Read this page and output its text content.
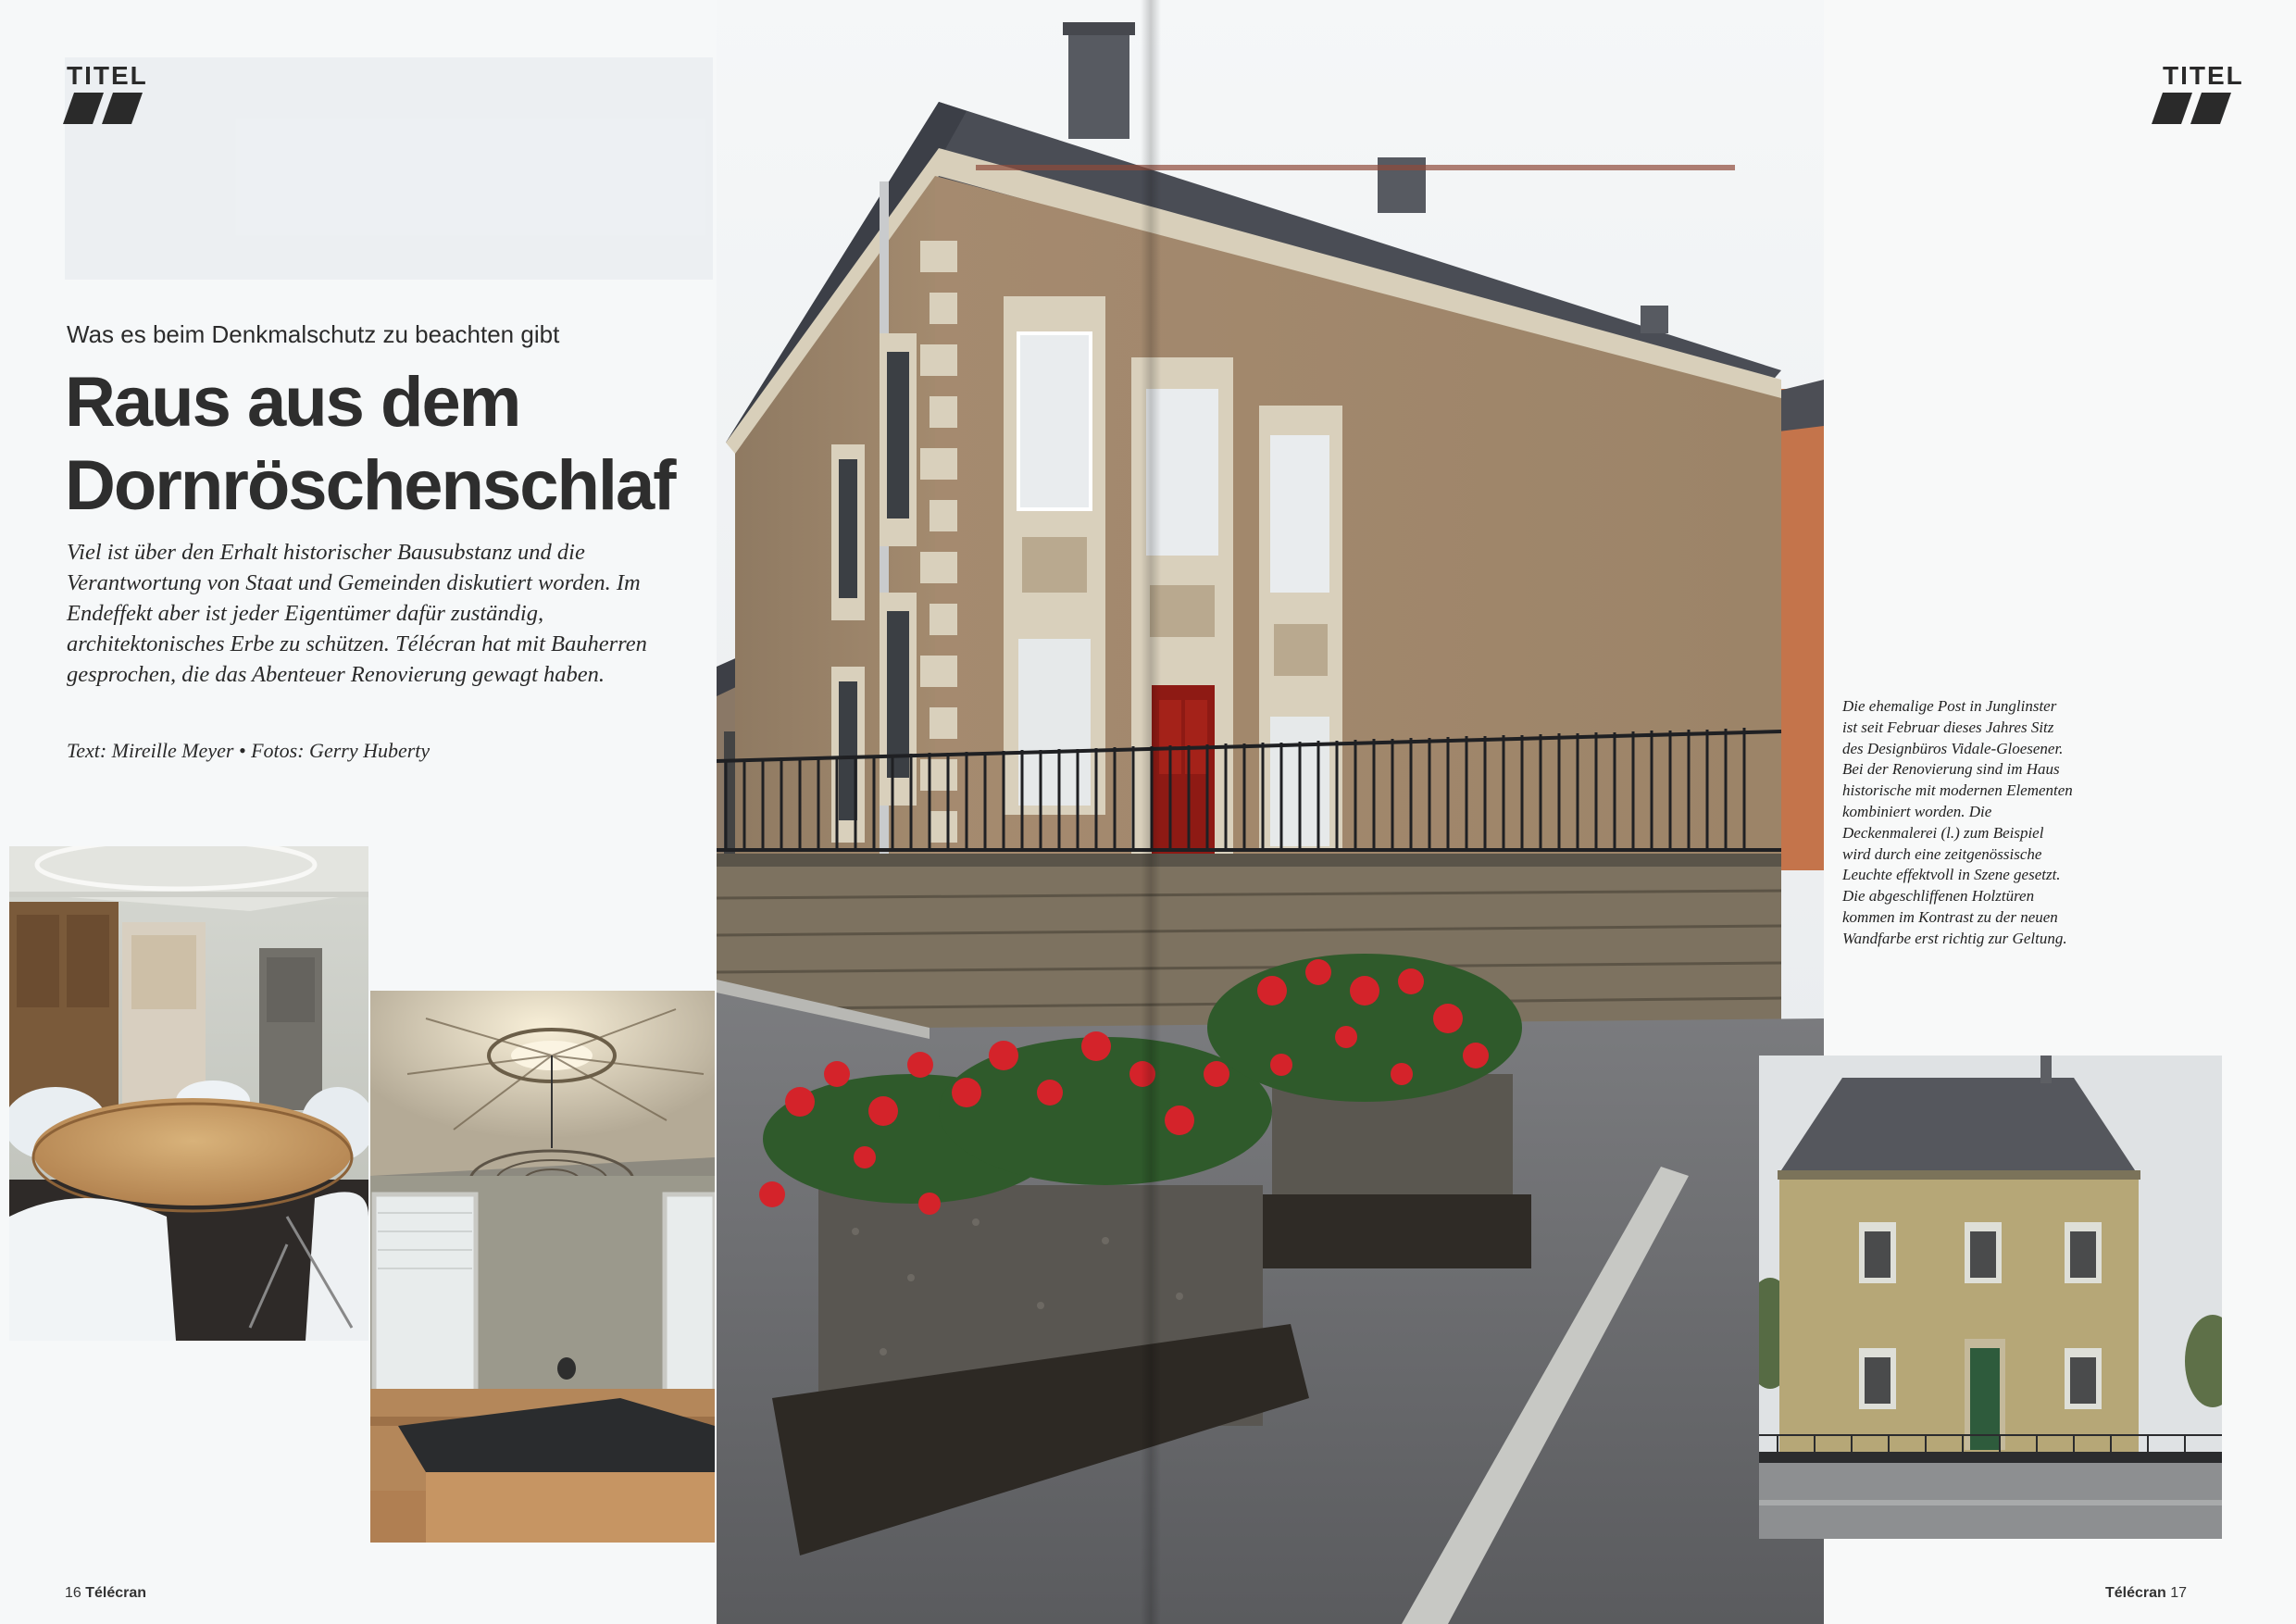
TITEL
Was es beim Denkmalschutz zu beachten gibt
Raus aus dem
Dornröschenschlaf
Viel ist über den Erhalt historischer Bausubstanz und die Verantwortung von Staat und Gemeinden diskutiert worden. Im Endeffekt aber ist jeder Eigentümer dafür zuständig, architektonisches Erbe zu schützen. Télécran hat mit Bauherren gesprochen, die das Abenteuer Renovierung gewagt haben.
Text: Mireille Meyer • Fotos: Gerry Huberty
16 Télécran
TITEL
Télécran 17
Die ehemalige Post in Junglinster ist seit Februar dieses Jahres Sitz des Designbüros Vidale-Gloesener. Bei der Renovierung sind im Haus historische mit modernen Elementen kombiniert worden. Die Deckenmalerei (l.) zum Beispiel wird durch eine zeitgenössische Leuchte effektvoll in Szene gesetzt. Die abgeschliffenen Holztüren kommen im Kontrast zu der neuen Wandfarbe erst richtig zur Geltung.
